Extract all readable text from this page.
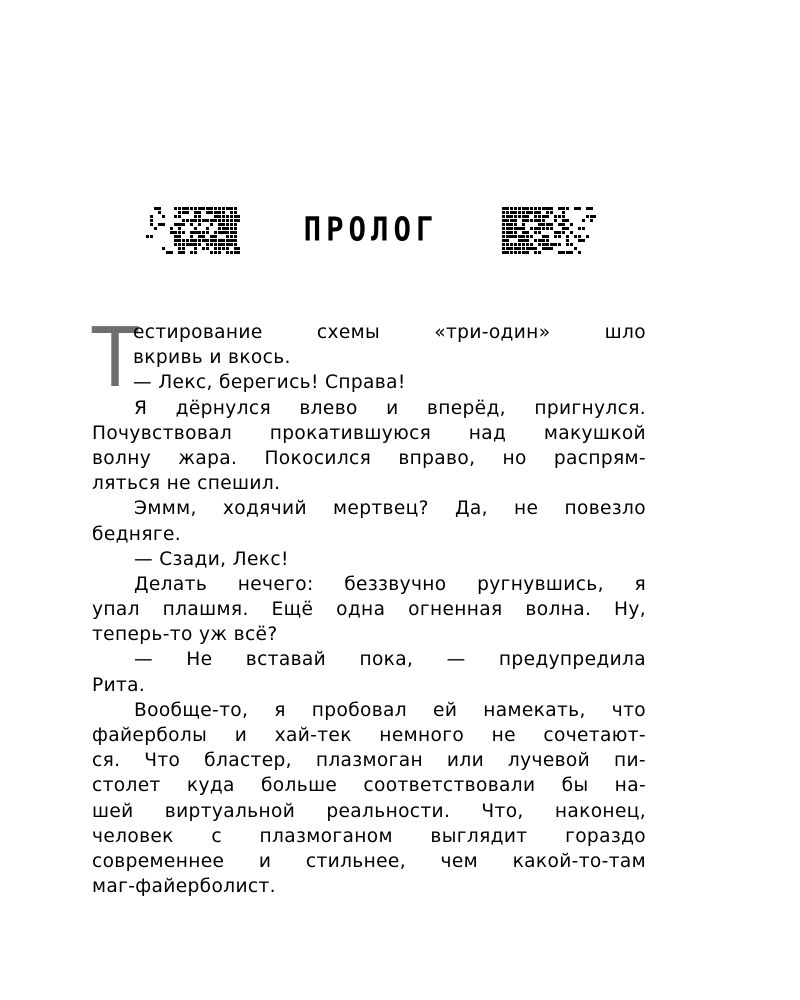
ПРОЛОГ
Т
естирование схемы «три-один» шло
вкривь и вкось.
— Лекс, берегись! Справа!
Я дёрнулся влево и вперёд, пригнулся.
Почувствовал прокатившуюся над макушкой
волну жара. Покосился вправо, но распрям-
ляться не спешил.
Эммм, ходячий мертвец? Да, не повезло
бедняге.
— Сзади, Лекс!
Делать нечего: беззвучно ругнувшись, я
упал плашмя. Ещё одна огненная волна. Ну,
теперь-то уж всё?
— Не вставай пока, — предупредила
Рита.
Вообще-то, я пробовал ей намекать, что
файерболы и хай-тек немного не сочетают-
ся. Что бластер, плазмоган или лучевой пи-
столет куда больше соответствовали бы на-
шей виртуальной реальности. Что, наконец,
человек с плазмоганом выглядит гораздо
современнее и стильнее, чем какой-то-там
маг-файерболист.
